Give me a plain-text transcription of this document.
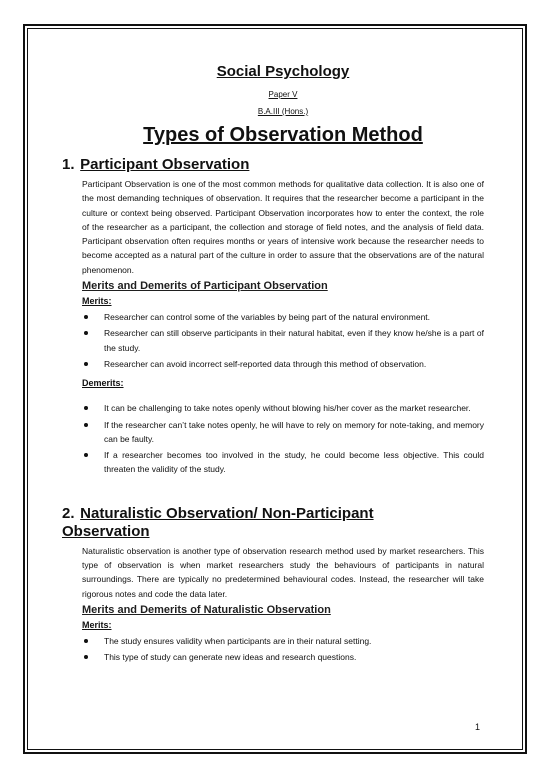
Social Psychology
Paper V
B.A.III (Hons.)
Types of Observation Method
1. Participant Observation

Participant Observation is one of the most common methods for qualitative data collection. It is also one of the most demanding techniques of observation. It requires that the researcher become a participant in the culture or context being observed. Participant Observation incorporates how to enter the context, the role of the researcher as a participant, the collection and storage of field notes, and the analysis of field data. Participant observation often requires months or years of intensive work because the researcher needs to become accepted as a natural part of the culture in order to assure that the observations are of the natural phenomenon.

Merits and Demerits of Participant Observation
Merits:
Researcher can control some of the variables by being part of the natural environment.
Researcher can still observe participants in their natural habitat, even if they know he/she is a part of the study.
Researcher can avoid incorrect self-reported data through this method of observation.
Demerits:
It can be challenging to take notes openly without blowing his/her cover as the market researcher.
If the researcher can’t take notes openly, he will have to rely on memory for note-taking, and memory can be faulty.
If a researcher becomes too involved in the study, he could become less objective. This could threaten the validity of the study.
2. Naturalistic Observation/ Non-Participant Observation

Naturalistic observation is another type of observation research method used by market researchers. This type of observation is when market researchers study the behaviours of participants in natural surroundings. There are typically no predetermined behavioural codes. Instead, the researcher will take rigorous notes and code the data later.

Merits and Demerits of Naturalistic Observation
Merits:
The study ensures validity when participants are in their natural setting.
This type of study can generate new ideas and research questions.
1
